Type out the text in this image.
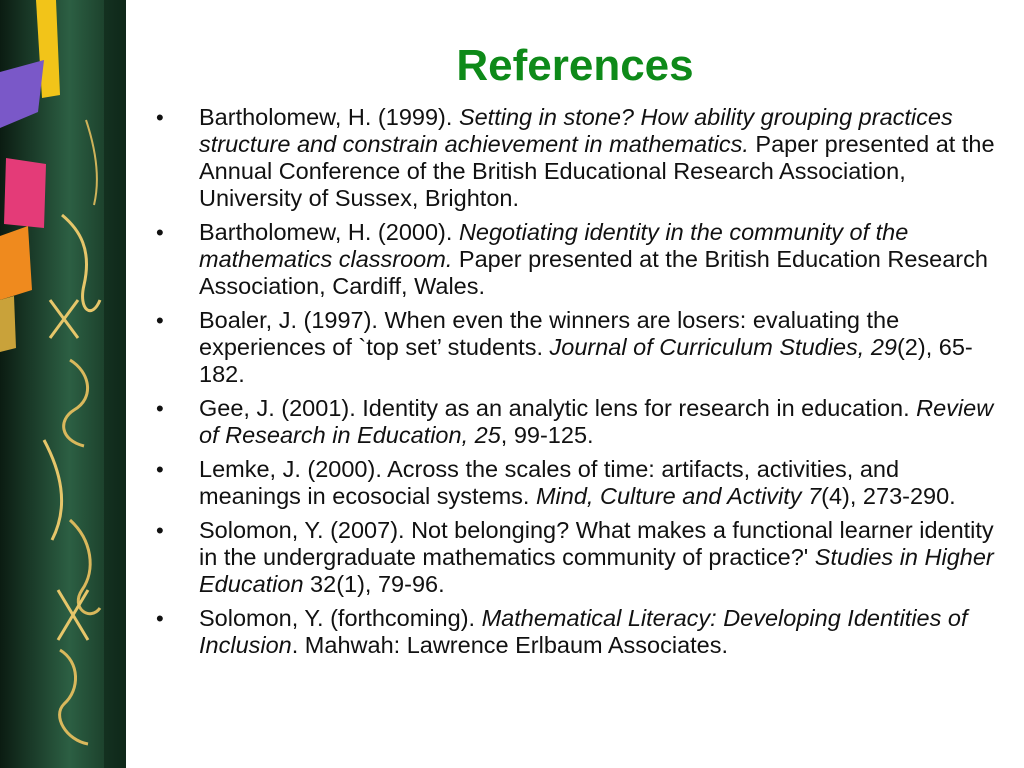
References
• Bartholomew, H. (1999). Setting in stone? How ability grouping practices structure and constrain achievement in mathematics. Paper presented at the Annual Conference of the British Educational Research Association, University of Sussex, Brighton.
• Bartholomew, H. (2000). Negotiating identity in the community of the mathematics classroom. Paper presented at the British Education Research Association, Cardiff, Wales.
• Boaler, J. (1997). When even the winners are losers: evaluating the experiences of `top set’ students. Journal of Curriculum Studies, 29(2), 65-182.
• Gee, J. (2001). Identity as an analytic lens for research in education. Review of Research in Education, 25, 99-125.
• Lemke, J. (2000). Across the scales of time: artifacts, activities, and meanings in ecosocial systems. Mind, Culture and Activity 7(4), 273-290.
• Solomon, Y. (2007). Not belonging? What makes a functional learner identity in the undergraduate mathematics community of practice?' Studies in Higher Education 32(1), 79-96.
• Solomon, Y. (forthcoming). Mathematical Literacy: Developing Identities of Inclusion. Mahwah: Lawrence Erlbaum Associates.
